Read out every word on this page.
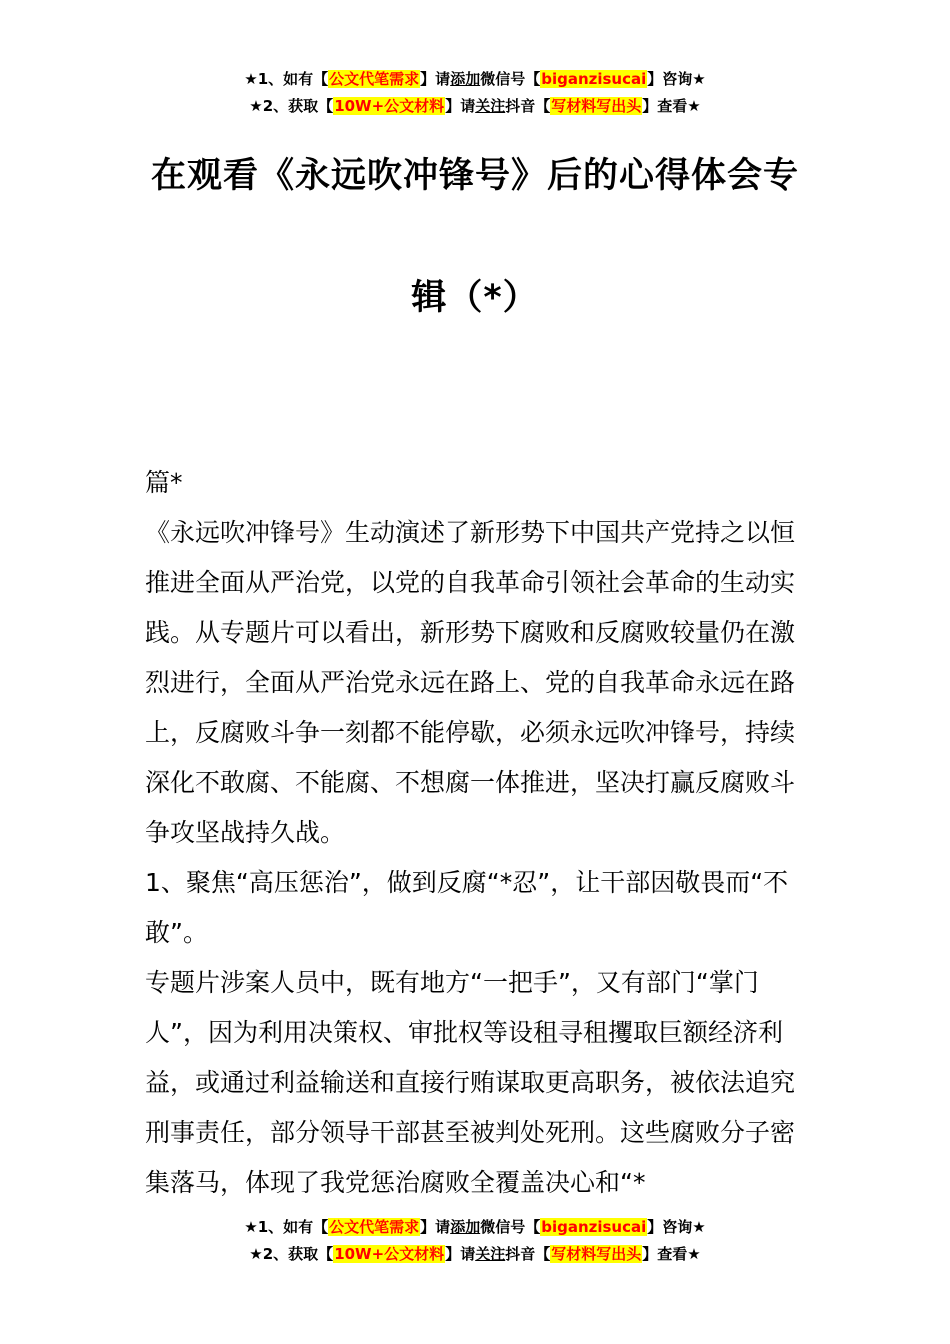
★1、如有【公文代笔需求】请添加微信号【biganzisucai】咨询★
★2、获取【10W+公文材料】请关注抖音【写材料写出头】查看★
在观看《永远吹冲锋号》后的心得体会专
辑（*）

篇*

《永远吹冲锋号》生动演述了新形势下中国共产党持之以恒推进全面从严治党，以党的自我革命引领社会革命的生动实践。从专题片可以看出，新形势下腐败和反腐败较量仍在激烈进行，全面从严治党永远在路上、党的自我革命永远在路上，反腐败斗争一刻都不能停歇，必须永远吹冲锋号，持续深化不敢腐、不能腐、不想腐一体推进，坚决打赢反腐败斗争攻坚战持久战。

1、聚焦“高压惩治”，做到反腐“*忍”，让干部因敬畏而“不敢”。

专题片涉案人员中，既有地方“一把手”，又有部门“掌门人”，因为利用决策权、审批权等设租寻租攫取巨额经济利益，或通过利益输送和直接行贿谋取更高职务，被依法追究刑事责任，部分领导干部甚至被判处死刑。这些腐败分子密集落马，体现了我党惩治腐败全覆盖决心和“*

★1、如有【公文代笔需求】请添加微信号【biganzisucai】咨询★
★2、获取【10W+公文材料】请关注抖音【写材料写出头】查看★
